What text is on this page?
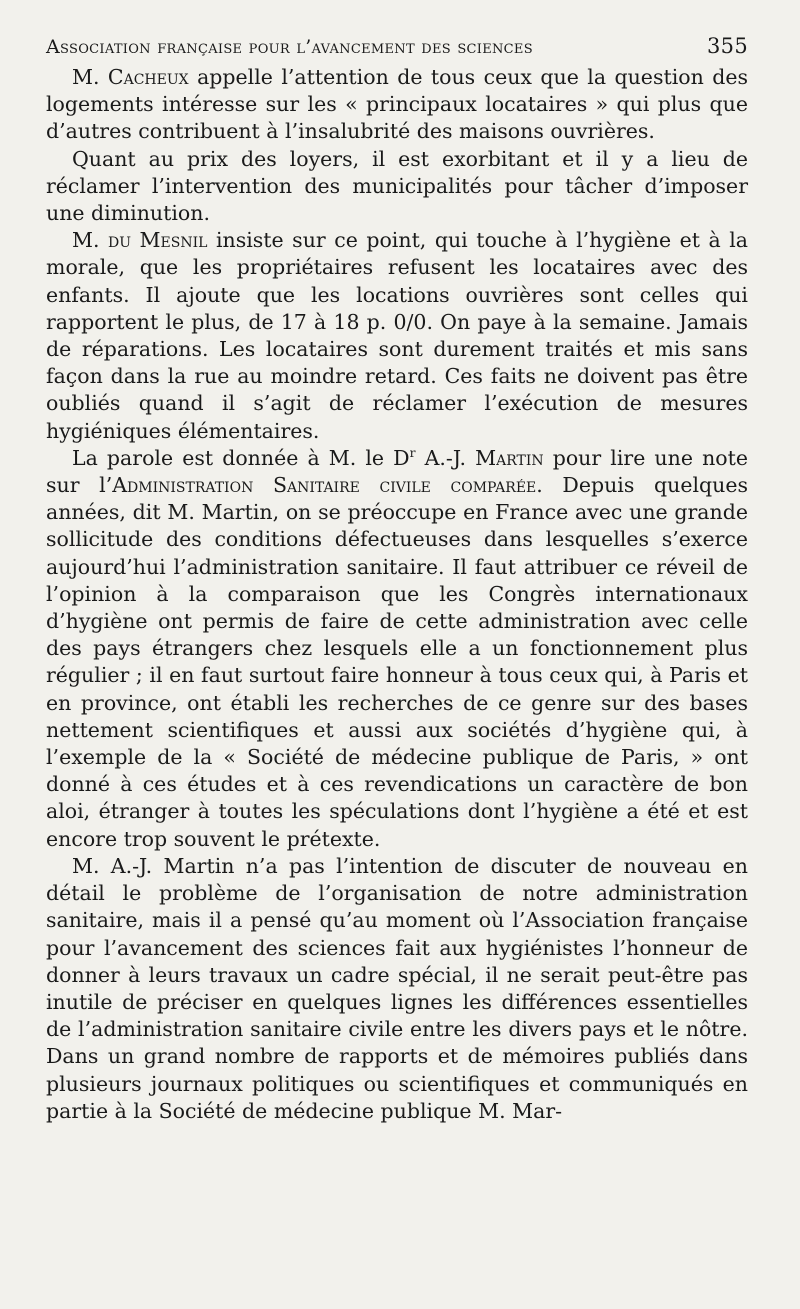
Association française pour l’avancement des sciences	355

M. Cacheux appelle l’attention de tous ceux que la question des logements intéresse sur les « principaux locataires » qui plus que d’autres contribuent à l’insalubrité des maisons ouvrières.

Quant au prix des loyers, il est exorbitant et il y a lieu de réclamer l’intervention des municipalités pour tâcher d’imposer une diminution.

M. du Mesnil insiste sur ce point, qui touche à l’hygiène et à la morale, que les propriétaires refusent les locataires avec des enfants. Il ajoute que les locations ouvrières sont celles qui rapportent le plus, de 17 à 18 p. 0/0. On paye à la semaine. Jamais de réparations. Les locataires sont durement traités et mis sans façon dans la rue au moindre retard. Ces faits ne doivent pas être oubliés quand il s’agit de réclamer l’exécution de mesures hygiéniques élémentaires.

La parole est donnée à M. le $D^r$ A.-J. Martin pour lire une note sur l’Administration Sanitaire civile comparée. Depuis quelques années, dit M. Martin, on se préoccupe en France avec une grande sollicitude des conditions défectueuses dans lesquelles s’exerce aujourd’hui l’administration sanitaire. Il faut attribuer ce réveil de l’opinion à la comparaison que les Congrès internationaux d’hygiène ont permis de faire de cette administration avec celle des pays étrangers chez lesquels elle a un fonctionnement plus régulier ; il en faut surtout faire honneur à tous ceux qui, à Paris et en province, ont établi les recherches de ce genre sur des bases nettement scientifiques et aussi aux sociétés d’hygiène qui, à l’exemple de la « Société de médecine publique de Paris, » ont donné à ces études et à ces revendications un caractère de bon aloi, étranger à toutes les spéculations dont l’hygiène a été et est encore trop souvent le prétexte.

M. A.-J. Martin n’a pas l’intention de discuter de nouveau en détail le problème de l’organisation de notre administration sanitaire, mais il a pensé qu’au moment où l’Association française pour l’avancement des sciences fait aux hygiénistes l’honneur de donner à leurs travaux un cadre spécial, il ne serait peut-être pas inutile de préciser en quelques lignes les différences essentielles de l’administration sanitaire civile entre les divers pays et le nôtre. Dans un grand nombre de rapports et de mémoires publiés dans plusieurs journaux politiques ou scientifiques et communiqués en partie à la Société de médecine publique M. Mar-
